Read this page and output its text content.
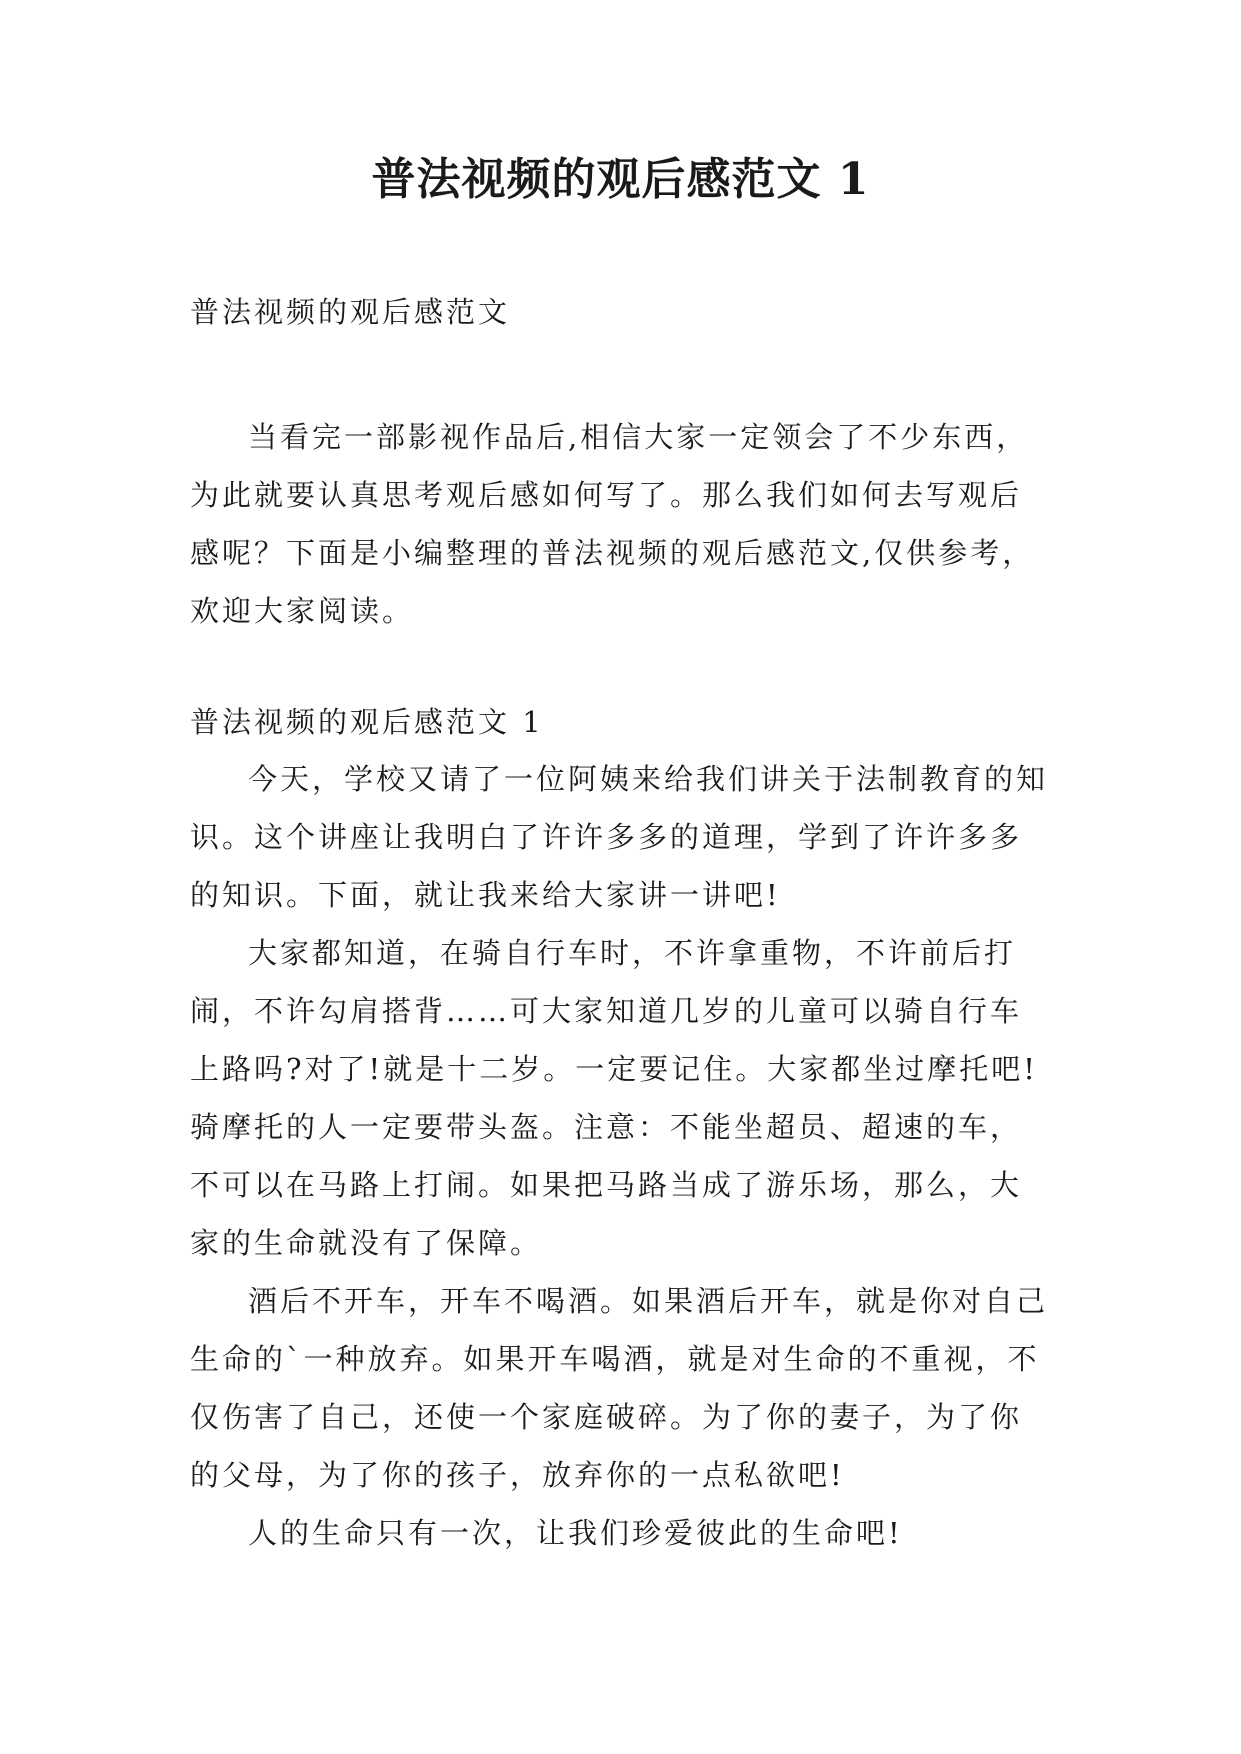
普法视频的观后感范文 1
普法视频的观后感范文

当看完一部影视作品后,相信大家一定领会了不少东西，为此就要认真思考观后感如何写了。那么我们如何去写观后感呢？下面是小编整理的普法视频的观后感范文,仅供参考，欢迎大家阅读。

普法视频的观后感范文 1

今天，学校又请了一位阿姨来给我们讲关于法制教育的知识。这个讲座让我明白了许许多多的道理，学到了许许多多的知识。下面，就让我来给大家讲一讲吧!

大家都知道，在骑自行车时，不许拿重物，不许前后打闹，不许勾肩搭背……可大家知道几岁的儿童可以骑自行车上路吗?对了!就是十二岁。一定要记住。大家都坐过摩托吧!骑摩托的人一定要带头盔。注意：不能坐超员、超速的车，不可以在马路上打闹。如果把马路当成了游乐场，那么，大家的生命就没有了保障。

酒后不开车，开车不喝酒。如果酒后开车，就是你对自己生命的`一种放弃。如果开车喝酒，就是对生命的不重视，不仅伤害了自己，还使一个家庭破碎。为了你的妻子，为了你的父母，为了你的孩子，放弃你的一点私欲吧!

人的生命只有一次，让我们珍爱彼此的生命吧!
